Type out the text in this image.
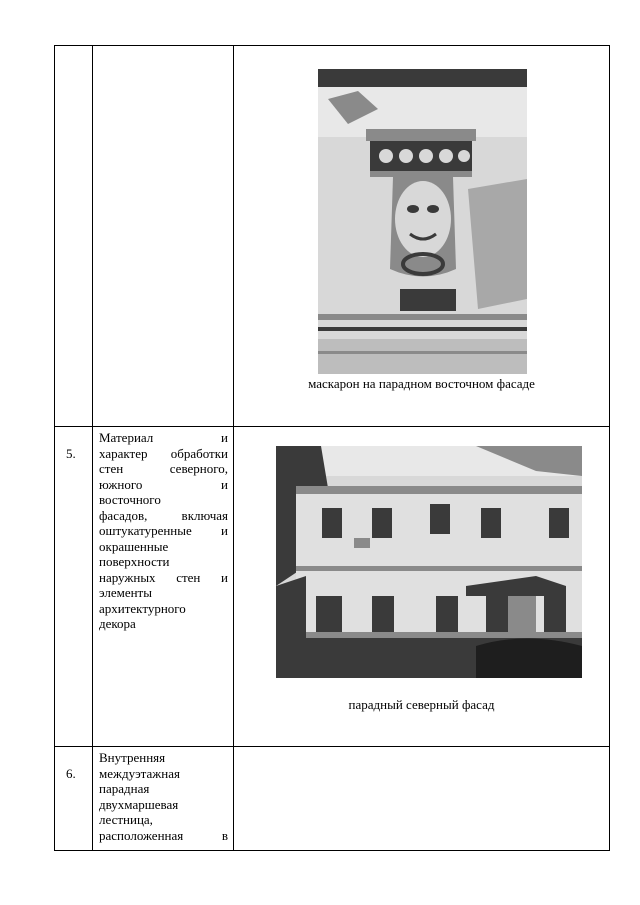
маскарон на парадном восточном фасаде
5.
Материал и
характер обработки
стен северного,
южного и
восточного
фасадов, включая
оштукатуренные и
окрашенные
поверхности
наружных стен и
элементы
архитектурного
декора
парадный северный фасад
6.
Внутренняя
междуэтажная
парадная
двухмаршевая
лестница,
расположенная в
